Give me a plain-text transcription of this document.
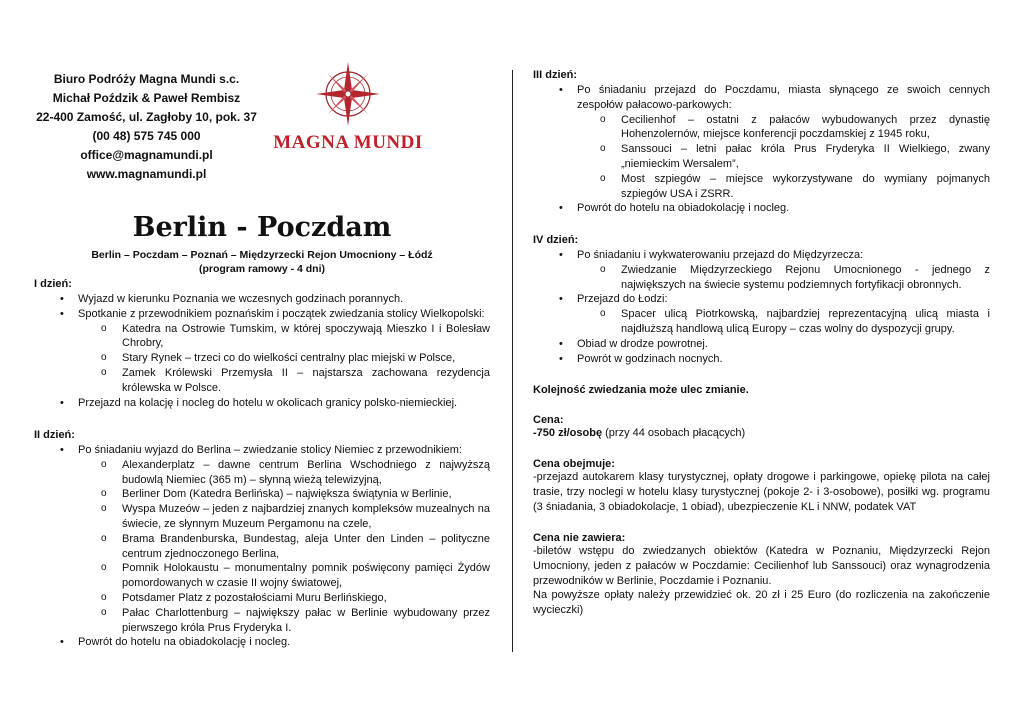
Biuro Podróży Magna Mundi s.c.
Michał Poździk & Paweł Rembisz
22-400 Zamość, ul. Zagłoby 10, pok. 37
(00 48) 575 745 000
office@magnamundi.pl
www.magnamundi.pl
MAGNA MUNDI
Berlin - Poczdam
Berlin – Poczdam – Poznań – Międzyrzecki Rejon Umocniony – Łódź
(program ramowy - 4 dni)
I dzień:
• Wyjazd w kierunku Poznania we wczesnych godzinach porannych.
• Spotkanie z przewodnikiem poznańskim i początek zwiedzania stolicy Wielkopolski:
o Katedra na Ostrowie Tumskim, w której spoczywają Mieszko I i Bolesław Chrobry,
o Stary Rynek – trzeci co do wielkości centralny plac miejski w Polsce,
o Zamek Królewski Przemysła II – najstarsza zachowana rezydencja królewska w Polsce.
• Przejazd na kolację i nocleg do hotelu w okolicach granicy polsko-niemieckiej.
II dzień:
• Po śniadaniu wyjazd do Berlina – zwiedzanie stolicy Niemiec z przewodnikiem:
o Alexanderplatz – dawne centrum Berlina Wschodniego z najwyższą budowlą Niemiec (365 m) – słynną wieżą telewizyjną,
o Berliner Dom (Katedra Berlińska) – największa świątynia w Berlinie,
o Wyspa Muzeów – jeden z najbardziej znanych kompleksów muzealnych na świecie, ze słynnym Muzeum Pergamonu na czele,
o Brama Brandenburska, Bundestag, aleja Unter den Linden – polityczne centrum zjednoczonego Berlina,
o Pomnik Holokaustu – monumentalny pomnik poświęcony pamięci Żydów pomordowanych w czasie II wojny światowej,
o Potsdamer Platz z pozostałościami Muru Berlińskiego,
o Pałac Charlottenburg – największy pałac w Berlinie wybudowany przez pierwszego króla Prus Fryderyka I.
• Powrót do hotelu na obiadokolację i nocleg.
III dzień:
• Po śniadaniu przejazd do Poczdamu, miasta słynącego ze swoich cennych zespołów pałacowo-parkowych:
o Cecilienhof – ostatni z pałaców wybudowanych przez dynastię Hohenzolernów, miejsce konferencji poczdamskiej z 1945 roku,
o Sanssouci – letni pałac króla Prus Fryderyka II Wielkiego, zwany „niemieckim Wersalem”,
o Most szpiegów – miejsce wykorzystywane do wymiany pojmanych szpiegów USA i ZSRR.
• Powrót do hotelu na obiadokolację i nocleg.
IV dzień:
• Po śniadaniu i wykwaterowaniu przejazd do Międzyrzecza:
o Zwiedzanie Międzyrzeckiego Rejonu Umocnionego - jednego z największych na świecie systemu podziemnych fortyfikacji obronnych.
• Przejazd do Łodzi:
o Spacer ulicą Piotrkowską, najbardziej reprezentacyjną ulicą miasta i najdłuższą handlową ulicą Europy – czas wolny do dyspozycji grupy.
• Obiad w drodze powrotnej.
• Powrót w godzinach nocnych.
Kolejność zwiedzania może ulec zmianie.
Cena:

-750 zł/osobę (przy 44 osobach płacących)

Cena obejmuje:

-przejazd autokarem klasy turystycznej, opłaty drogowe i parkingowe, opiekę pilota na całej trasie, trzy noclegi w hotelu klasy turystycznej (pokoje 2- i 3-osobowe), posiłki wg. programu (3 śniadania, 3 obiadokolacje, 1 obiad), ubezpieczenie KL i NNW, podatek VAT

Cena nie zawiera:

-biletów wstępu do zwiedzanych obiektów (Katedra w Poznaniu, Międzyrzecki Rejon Umocniony, jeden z pałaców w Poczdamie: Cecilienhof lub Sanssouci) oraz wynagrodzenia przewodników w Berlinie, Poczdamie i Poznaniu.

Na powyższe opłaty należy przewidzieć ok. 20 zł i 25 Euro (do rozliczenia na zakończenie wycieczki)
